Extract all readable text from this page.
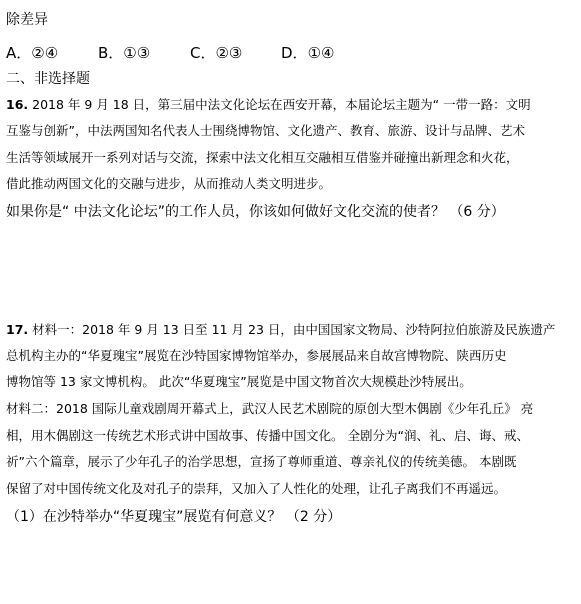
除差异
A．②④	B．①③	C．②③	D．①④
二、非选择题
16. 2018 年 9 月 18 日，第三届中法文化论坛在西安开幕，本届论坛主题为“ 一带一路：文明
互鉴与创新”，中法两国知名代表人士围绕博物馆、文化遗产、教育、旅游、设计与品牌、艺术
生活等领域展开一系列对话与交流，探索中法文化相互交融相互借鉴并碰撞出新理念和火花，
借此推动两国文化的交融与进步，从而推动人类文明进步。
如果你是“ 中法文化论坛”的工作人员，你该如何做好文化交流的使者？ （6 分）
17. 材料一：2018 年 9 月 13 日至 11 月 23 日，由中国国家文物局、沙特阿拉伯旅游及民族遗产
总机构主办的“华夏瑰宝”展览在沙特国家博物馆举办，参展展品来自故宫博物院、陕西历史
博物馆等 13 家文博机构。 此次“华夏瑰宝”展览是中国文物首次大规模赴沙特展出。
材料二：2018 国际儿童戏剧周开幕式上，武汉人民艺术剧院的原创大型木偶剧《少年孔丘》 亮
相，用木偶剧这一传统艺术形式讲中国故事、传播中国文化。 全剧分为“润、礼、启、诲、戒、
祈”六个篇章，展示了少年孔子的治学思想，宣扬了尊师重道、尊亲礼仪的传统美德。 本剧既
保留了对中国传统文化及对孔子的崇拜，又加入了人性化的处理，让孔子离我们不再遥远。
（1）在沙特举办“华夏瑰宝”展览有何意义？ （2 分）
